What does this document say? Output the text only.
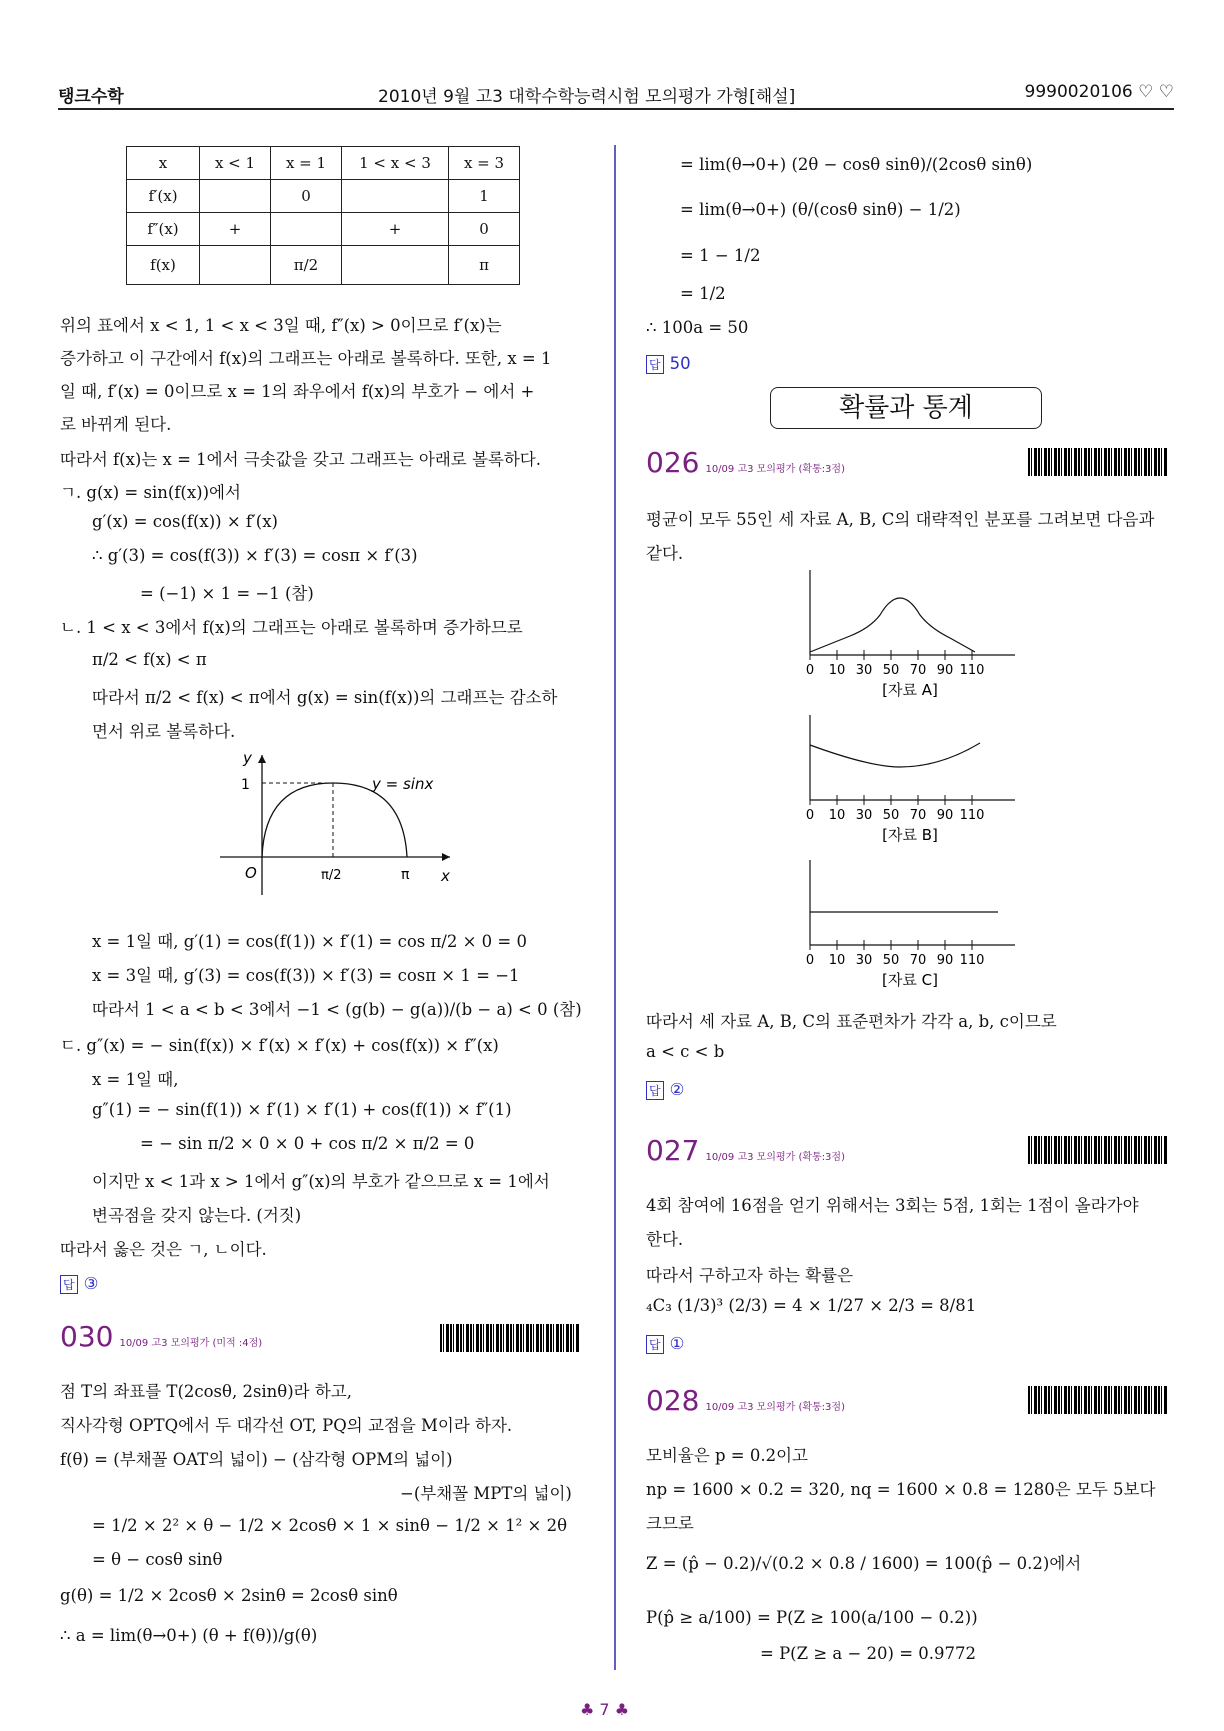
탱크수학	2010년 9월 고3 대학수학능력시험 모의평가 가형[해설]	9990020106 ♡ ♡
x	x < 1	x = 1	1 < x < 3	x = 3
f′(x)		0		1
f″(x)	+		+	0
f(x)		π/2		π
위의 표에서 x < 1, 1 < x < 3일 때, f″(x) > 0이므로 f′(x)는
증가하고 이 구간에서 f(x)의 그래프는 아래로 볼록하다. 또한, x = 1
일 때, f′(x) = 0이므로 x = 1의 좌우에서 f(x)의 부호가 − 에서 +
로 바뀌게 된다.
따라서 f(x)는 x = 1에서 극솟값을 갖고 그래프는 아래로 볼록하다.
ㄱ. g(x) = sin(f(x))에서
g′(x) = cos(f(x)) × f′(x)
∴ g′(3) = cos(f(3)) × f′(3) = cosπ × f′(3)
= (−1) × 1 = −1 (참)
ㄴ. 1 < x < 3에서 f(x)의 그래프는 아래로 볼록하며 증가하므로
π/2 < f(x) < π
따라서 π/2 < f(x) < π에서 g(x) = sin(f(x))의 그래프는 감소하
면서 위로 볼록하다.
y
x
O
1
π/2	π
y = sinx
x = 1일 때, g′(1) = cos(f(1)) × f′(1) = cos π/2 × 0 = 0
x = 3일 때, g′(3) = cos(f(3)) × f′(3) = cosπ × 1 = −1
따라서 1 < a < b < 3에서 −1 < (g(b) − g(a))/(b − a) < 0 (참)
ㄷ. g″(x) = − sin(f(x)) × f′(x) × f′(x) + cos(f(x)) × f″(x)
x = 1일 때,
g″(1) = − sin(f(1)) × f′(1) × f′(1) + cos(f(1)) × f″(1)
= − sin π/2 × 0 × 0 + cos π/2 × π/2 = 0
이지만 x < 1과 x > 1에서 g″(x)의 부호가 같으므로 x = 1에서
변곡점을 갖지 않는다. (거짓)
따라서 옳은 것은 ㄱ, ㄴ이다.
답 ③
030 10/09 고3 모의평가 (미적 :4점)
점 T의 좌표를 T(2cosθ, 2sinθ)라 하고,
직사각형 OPTQ에서 두 대각선 OT, PQ의 교점을 M이라 하자.
f(θ) = (부채꼴 OAT의 넓이) − (삼각형 OPM의 넓이)
−(부채꼴 MPT의 넓이)
= 1/2 × 2² × θ − 1/2 × 2cosθ × 1 × sinθ − 1/2 × 1² × 2θ
= θ − cosθ sinθ
g(θ) = 1/2 × 2cosθ × 2sinθ = 2cosθ sinθ
∴ a = lim(θ→0+) (θ + f(θ))/g(θ)
= lim(θ→0+) (2θ − cosθ sinθ)/(2cosθ sinθ)
= lim(θ→0+) (θ/(cosθ sinθ) − 1/2)
= 1 − 1/2
= 1/2
∴ 100a = 50
답 50
확률과 통계
026 10/09 고3 모의평가 (확통:3점)
평균이 모두 55인 세 자료 A, B, C의 대략적인 분포를 그려보면 다음과
같다.
0 10 30 50 70 90 110
[자료 A]
0 10 30 50 70 90 110
[자료 B]
0 10 30 50 70 90 110
[자료 C]
따라서 세 자료 A, B, C의 표준편차가 각각 a, b, c이므로
a < c < b
답 ②
027 10/09 고3 모의평가 (확통:3점)
4회 참여에 16점을 얻기 위해서는 3회는 5점, 1회는 1점이 올라가야
한다.
따라서 구하고자 하는 확률은
₄C₃ (1/3)³ (2/3) = 4 × 1/27 × 2/3 = 8/81
답 ①
028 10/09 고3 모의평가 (확통:3점)
모비율은 p = 0.2이고
np = 1600 × 0.2 = 320, nq = 1600 × 0.8 = 1280은 모두 5보다
크므로
Z = (p̂ − 0.2)/√(0.2 × 0.8 / 1600) = 100(p̂ − 0.2)에서
P(p̂ ≥ a/100) = P(Z ≥ 100(a/100 − 0.2))
= P(Z ≥ a − 20) = 0.9772
♣ 7 ♣
